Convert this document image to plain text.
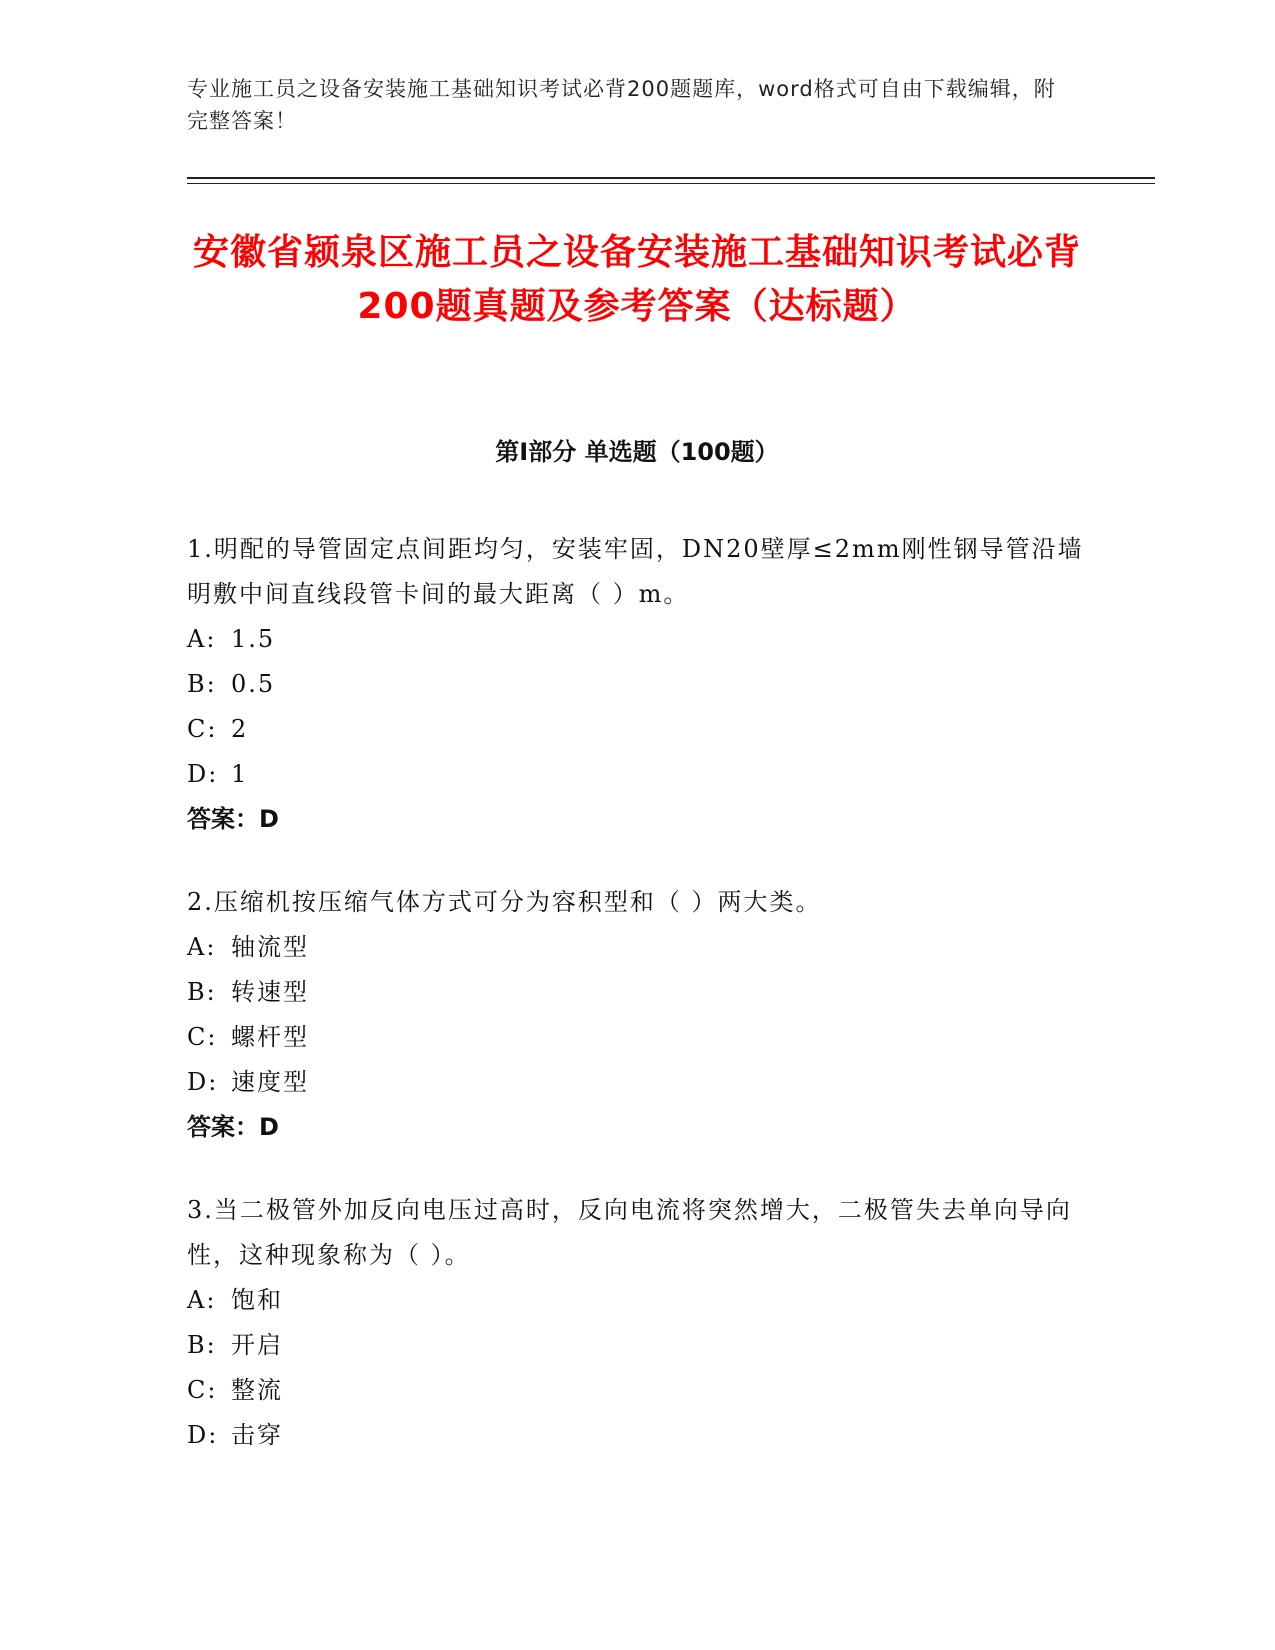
专业施工员之设备安装施工基础知识考试必背200题题库，word格式可自由下载编辑，附完整答案！
安徽省颍泉区施工员之设备安装施工基础知识考试必背200题真题及参考答案（达标题）
第I部分 单选题（100题）

1.明配的导管固定点间距均匀，安装牢固，DN20壁厚≤2mm刚性钢导管沿墙明敷中间直线段管卡间的最大距离（ ）m。

A: 1.5

B: 0.5

C: 2

D: 1

答案：D

2.压缩机按压缩气体方式可分为容积型和（ ）两大类。

A: 轴流型

B: 转速型

C: 螺杆型

D: 速度型

答案：D

3.当二极管外加反向电压过高时，反向电流将突然增大，二极管失去单向导向性，这种现象称为（ ）。

A: 饱和

B: 开启

C: 整流

D: 击穿
